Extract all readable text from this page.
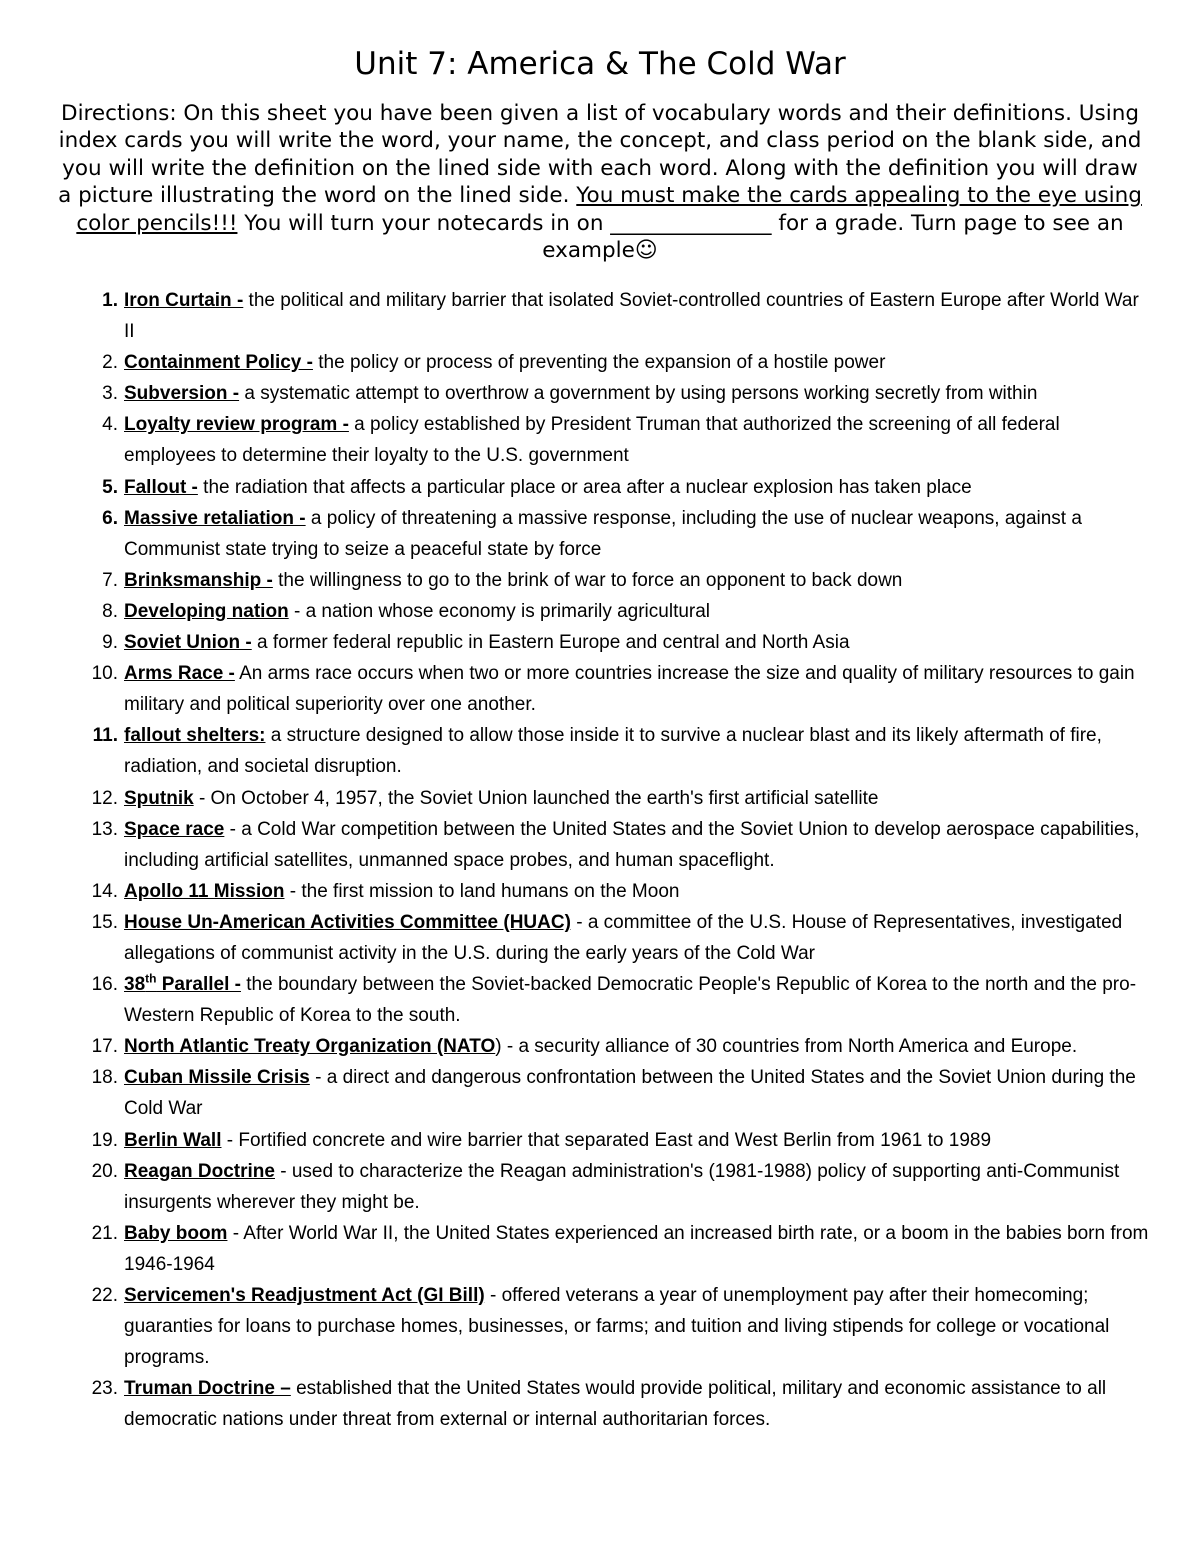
Unit 7: America & The Cold War
Directions: On this sheet you have been given a list of vocabulary words and their definitions. Using index cards you will write the word, your name, the concept, and class period on the blank side, and you will write the definition on the lined side with each word. Along with the definition you will draw a picture illustrating the word on the lined side. You must make the cards appealing to the eye using color pencils!!! You will turn your notecards in on _______________ for a grade. Turn page to see an example☺
1. Iron Curtain - the political and military barrier that isolated Soviet-controlled countries of Eastern Europe after World War II
2. Containment Policy - the policy or process of preventing the expansion of a hostile power
3. Subversion - a systematic attempt to overthrow a government by using persons working secretly from within
4. Loyalty review program - a policy established by President Truman that authorized the screening of all federal employees to determine their loyalty to the U.S. government
5. Fallout - the radiation that affects a particular place or area after a nuclear explosion has taken place
6. Massive retaliation - a policy of threatening a massive response, including the use of nuclear weapons, against a Communist state trying to seize a peaceful state by force
7. Brinksmanship - the willingness to go to the brink of war to force an opponent to back down
8. Developing nation - a nation whose economy is primarily agricultural
9. Soviet Union - a former federal republic in Eastern Europe and central and North Asia
10. Arms Race - An arms race occurs when two or more countries increase the size and quality of military resources to gain military and political superiority over one another.
11. fallout shelters: a structure designed to allow those inside it to survive a nuclear blast and its likely aftermath of fire, radiation, and societal disruption.
12. Sputnik - On October 4, 1957, the Soviet Union launched the earth's first artificial satellite
13. Space race - a Cold War competition between the United States and the Soviet Union to develop aerospace capabilities, including artificial satellites, unmanned space probes, and human spaceflight.
14. Apollo 11 Mission - the first mission to land humans on the Moon
15. House Un-American Activities Committee (HUAC) - a committee of the U.S. House of Representatives, investigated allegations of communist activity in the U.S. during the early years of the Cold War
16. 38th Parallel - the boundary between the Soviet-backed Democratic People's Republic of Korea to the north and the pro-Western Republic of Korea to the south.
17. North Atlantic Treaty Organization (NATO) - a security alliance of 30 countries from North America and Europe.
18. Cuban Missile Crisis - a direct and dangerous confrontation between the United States and the Soviet Union during the Cold War
19. Berlin Wall - Fortified concrete and wire barrier that separated East and West Berlin from 1961 to 1989
20. Reagan Doctrine - used to characterize the Reagan administration's (1981-1988) policy of supporting anti-Communist insurgents wherever they might be.
21. Baby boom - After World War II, the United States experienced an increased birth rate, or a boom in the babies born from 1946-1964
22. Servicemen's Readjustment Act (GI Bill) - offered veterans a year of unemployment pay after their homecoming; guaranties for loans to purchase homes, businesses, or farms; and tuition and living stipends for college or vocational programs.
23. Truman Doctrine – established that the United States would provide political, military and economic assistance to all democratic nations under threat from external or internal authoritarian forces.
